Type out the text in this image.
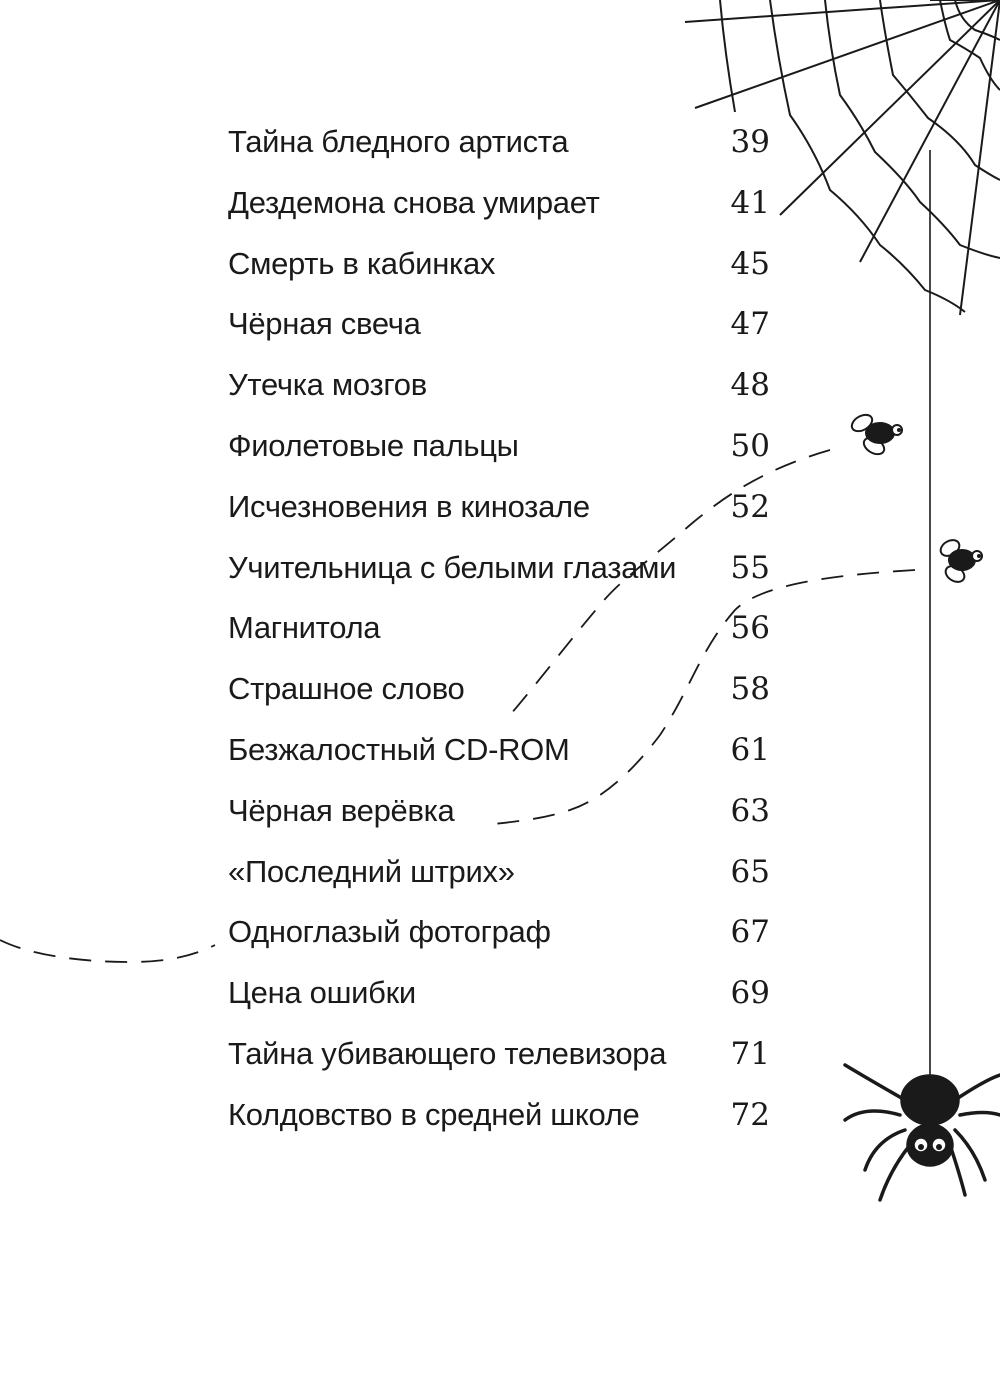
Тайна бледного артиста	39
Дездемона снова умирает	41
Смерть в кабинках	45
Чёрная свеча	47
Утечка мозгов	48
Фиолетовые пальцы	50
Исчезновения в кинозале	52
Учительница с белыми глазами	55
Магнитола	56
Страшное слово	58
Безжалостный CD-ROM	61
Чёрная верёвка	63
«Последний штрих»	65
Одноглазый фотограф	67
Цена ошибки	69
Тайна убивающего телевизора	71
Колдовство в средней школе	72
